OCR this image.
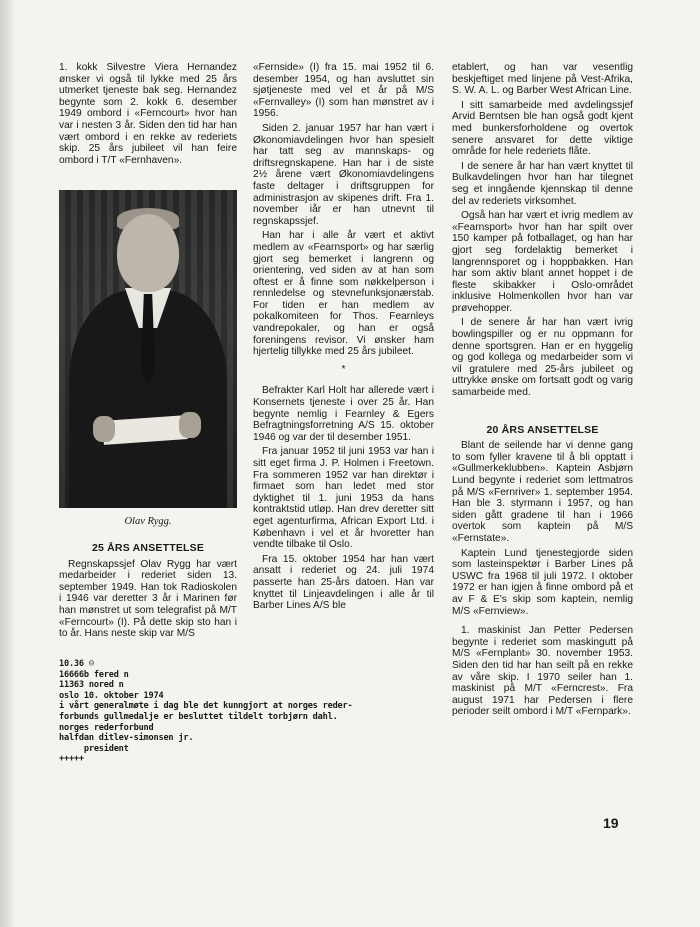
1. kokk Silvestre Viera Hernandez ønsker vi også til lykke med 25 års utmerket tjeneste bak seg. Hernandez begynte som 2. kokk 6. desember 1949 ombord i «Ferncourt» hvor han var i nesten 3 år. Siden den tid har han vært ombord i en rekke av rederiets skip. 25 års jubileet vil han feire ombord i T/T «Fernhaven».

Olav Rygg.
25 ÅRS ANSETTELSE

Regnskapssjef Olav Rygg har vært medarbeider i rederiet siden 13. september 1949. Han tok Radioskolen i 1946 var deretter 3 år i Marinen før han mønstret ut som telegrafist på M/T «Ferncourt» (I). På dette skip sto han i to år. Hans neste skip var M/S

«Fernside» (I) fra 15. mai 1952 til 6. desember 1954, og han avsluttet sin sjøtjeneste med vel et år på M/S «Fernvalley» (I) som han mønstret av i 1956.

Siden 2. januar 1957 har han vært i Økonomiavdelingen hvor han spesielt har tatt seg av mannskaps- og driftsregnskapene. Han har i de siste 2½ årene vært Økonomiavdelingens faste deltager i driftsgruppen for administrasjon av skipenes drift. Fra 1. november iår er han utnevnt til regnskapssjef.

Han har i alle år vært et aktivt medlem av «Fearnsport» og har særlig gjort seg bemerket i langrenn og orientering, ved siden av at han som oftest er å finne som nøkkelperson i rennledelse og stevnefunksjonærstab. For tiden er han medlem av pokalkomiteen for Thos. Fearnleys vandrepokaler, og han er også foreningens revisor. Vi ønsker ham hjertelig tillykke med 25 års jubileet.

*

Befrakter Karl Holt har allerede vært i Konsernets tjeneste i over 25 år. Han begynte nemlig i Fearnley & Egers Befragtningsforretning A/S 15. oktober 1946 og var der til desember 1951.

Fra januar 1952 til juni 1953 var han i sitt eget firma J. P. Holmen i Freetown. Fra sommeren 1952 var han direktør i firmaet som han ledet med stor dyktighet til 1. juni 1953 da hans kontraktstid utløp. Han drev deretter sitt eget agenturfirma, African Export Ltd. i København i vel et år hvoretter han vendte tilbake til Oslo.

Fra 15. oktober 1954 har han vært ansatt i rederiet og 24. juli 1974 passerte han 25-års datoen. Han var knyttet til Linjeavdelingen i alle år til Barber Lines A/S ble

etablert, og han var vesentlig beskjeftiget med linjene på Vest-Afrika, S. W. A. L. og Barber West African Line.

I sitt samarbeide med avdelingssjef Arvid Berntsen ble han også godt kjent med bunkersforholdene og overtok senere ansvaret for dette viktige område for hele rederiets flåte.

I de senere år har han vært knyttet til Bulkavdelingen hvor han har tilegnet seg et inngående kjennskap til denne del av rederiets virksomhet.

Også han har vært et ivrig medlem av «Fearnsport» hvor han har spilt over 150 kamper på fotballaget, og han har gjort seg fordelaktig bemerket i langrennsporet og i hoppbakken. Han har som aktiv blant annet hoppet i de fleste skibakker i Oslo-området inklusive Holmenkollen hvor han var prøvehopper.

I de senere år har han vært ivrig bowlingspiller og er nu oppmann for denne sportsgren. Han er en hyggelig og god kollega og medarbeider som vi vil gratulere med 25-års jubileet og uttrykke ønske om fortsatt godt og varig samarbeide med.

20 ÅRS ANSETTELSE

Blant de seilende har vi denne gang to som fyller kravene til å bli opptatt i «Gullmerkeklubben». Kaptein Asbjørn Lund begynte i rederiet som lettmatros på M/S «Fernriver» 1. september 1954. Han ble 3. styrmann i 1957, og han siden gått gradene til han i 1966 overtok som kaptein på M/S «Fernstate».

Kaptein Lund tjenestegjorde siden som lasteinspektør i Barber Lines på USWC fra 1968 til juli 1972. I oktober 1972 er han igjen å finne ombord på et av F & E's skip som kaptein, nemlig M/S «Fernview».

1. maskinist Jan Petter Pedersen begynte i rederiet som maskingutt på M/S «Fernplant» 30. november 1953. Siden den tid har han seilt på en rekke av våre skip. I 1970 seiler han 1. maskinist på M/T «Ferncrest». Fra august 1971 har Pedersen i flere perioder seilt ombord i M/T «Fernpark».

10.36 ☺
16666b fered n
11363 nored n
oslo 10. oktober 1974
i vårt generalmøte i dag ble det kunngjort at norges reder-
forbunds gullmedalje er besluttet tildelt torbjørn dahl.
norges rederforbund
halfdan ditlev-simonsen jr.
president
+++++
19
